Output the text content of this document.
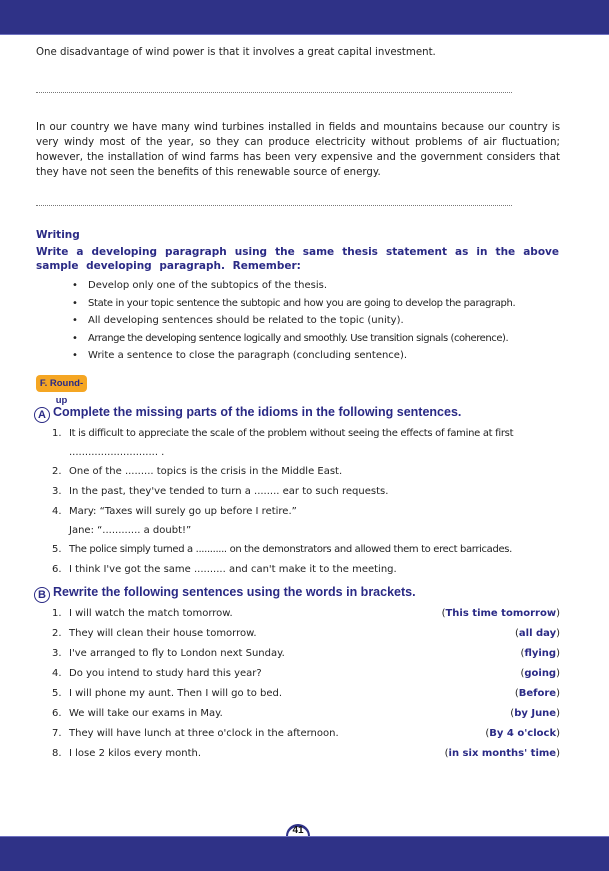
One disadvantage of wind power is that it involves a great capital investment.
In our country we have many wind turbines installed in fields and mountains because our country is very windy most of the year, so they can produce electricity without problems of air fluctuation; however, the installation of wind farms has been very expensive and the government considers that they have not seen the benefits of this renewable source of energy.
Writing
Write a developing paragraph using the same thesis statement as in the above sample developing paragraph. Remember:
• Develop only one of the subtopics of the thesis.
• State in your topic sentence the subtopic and how you are going to develop the paragraph.
• All developing sentences should be related to the topic (unity).
• Arrange the developing sentence logically and smoothly. Use transition signals (coherence).
• Write a sentence to close the paragraph (concluding sentence).
F. Round-up
A Complete the missing parts of the idioms in the following sentences.
1. It is difficult to appreciate the scale of the problem without seeing the effects of famine at first
............................ .
2. One of the ......... topics is the crisis in the Middle East.
3. In the past, they've tended to turn a ........ ear to such requests.
4. Mary: “Taxes will surely go up before I retire.”
Jane: “............ a doubt!”
5. The police simply turned a ........... on the demonstrators and allowed them to erect barricades.
6. I think I've got the same .......... and can't make it to the meeting.
B Rewrite the following sentences using the words in brackets.
1. I will watch the match tomorrow.	(This time tomorrow)
2. They will clean their house tomorrow.	(all day)
3. I've arranged to fly to London next Sunday.	(flying)
4. Do you intend to study hard this year?	(going)
5. I will phone my aunt. Then I will go to bed.	(Before)
6. We will take our exams in May.	(by June)
7. They will have lunch at three o'clock in the afternoon.	(By 4 o'clock)
8. I lose 2 kilos every month.	(in six months' time)
41
